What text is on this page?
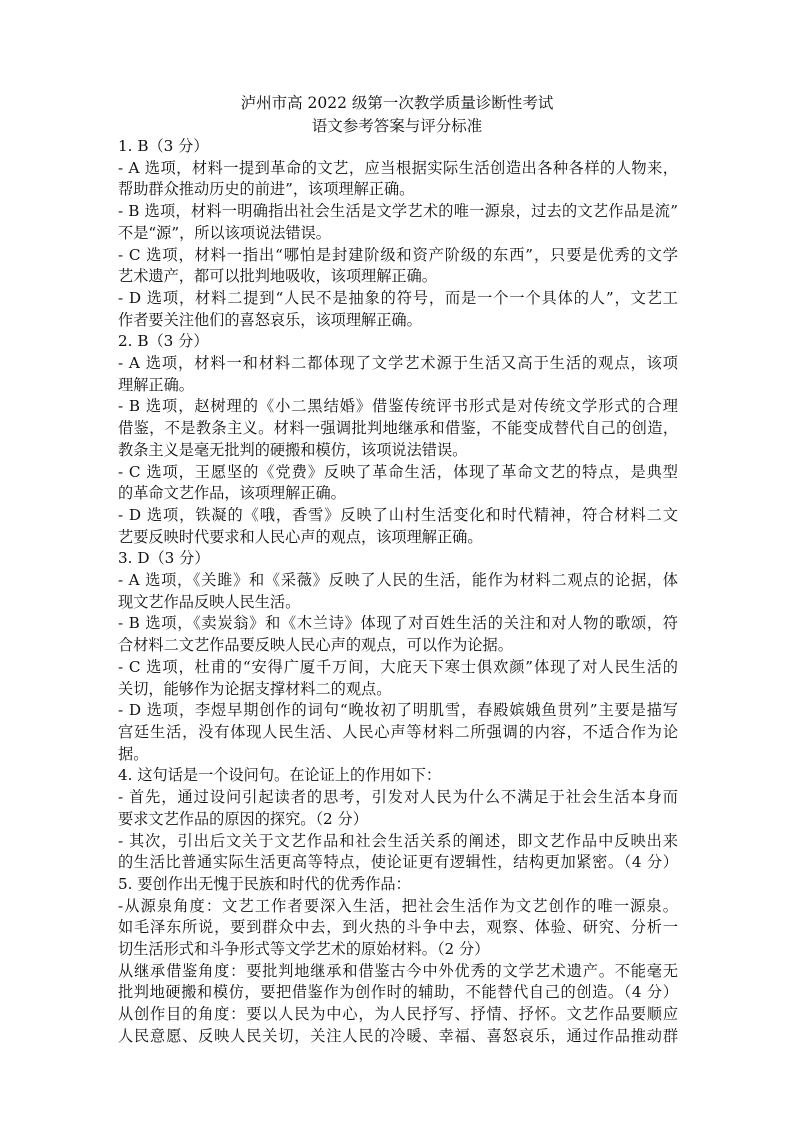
泸州市高 2022 级第一次教学质量诊断性考试
语文参考答案与评分标准
1. B（3 分）
- A 选项，材料一提到革命的文艺，应当根据实际生活创造出各种各样的人物来，
帮助群众推动历史的前进”，该项理解正确。
- B 选项，材料一明确指出社会生活是文学艺术的唯一源泉，过去的文艺作品是流”
不是“源”，所以该项说法错误。
- C 选项，材料一指出“哪怕是封建阶级和资产阶级的东西”，只要是优秀的文学
艺术遗产，都可以批判地吸收，该项理解正确。
- D 选项，材料二提到“人民不是抽象的符号，而是一个一个具体的人”，文艺工
作者要关注他们的喜怒哀乐，该项理解正确。
2. B（3 分）
- A 选项，材料一和材料二都体现了文学艺术源于生活又高于生活的观点，该项
理解正确。
- B 选项，赵树理的《小二黑结婚》借鉴传统评书形式是对传统文学形式的合理
借鉴，不是教条主义。材料一强调批判地继承和借鉴，不能变成替代自己的创造，
教条主义是毫无批判的硬搬和模仿，该项说法错误。
- C 选项，王愿坚的《党费》反映了革命生活，体现了革命文艺的特点，是典型
的革命文艺作品，该项理解正确。
- D 选项，铁凝的《哦，香雪》反映了山村生活变化和时代精神，符合材料二文
艺要反映时代要求和人民心声的观点，该项理解正确。
3. D（3 分）
- A 选项，《关雎》和《采薇》反映了人民的生活，能作为材料二观点的论据，体
现文艺作品反映人民生活。
- B 选项，《卖炭翁》和《木兰诗》体现了对百姓生活的关注和对人物的歌颂，符
合材料二文艺作品要反映人民心声的观点，可以作为论据。
- C 选项，杜甫的“安得广厦千万间，大庇天下寒士俱欢颜”体现了对人民生活的
关切，能够作为论据支撑材料二的观点。
- D 选项，李煜早期创作的词句“晚妆初了明肌雪，春殿嫔娥鱼贯列”主要是描写
宫廷生活，没有体现人民生活、人民心声等材料二所强调的内容，不适合作为论
据。
4. 这句话是一个设问句。在论证上的作用如下：
- 首先，通过设问引起读者的思考，引发对人民为什么不满足于社会生活本身而
要求文艺作品的原因的探究。（2 分）
- 其次，引出后文关于文艺作品和社会生活关系的阐述，即文艺作品中反映出来
的生活比普通实际生活更高等特点，使论证更有逻辑性，结构更加紧密。（4 分）
5. 要创作出无愧于民族和时代的优秀作品：
-从源泉角度：文艺工作者要深入生活，把社会生活作为文艺创作的唯一源泉。
如毛泽东所说，要到群众中去，到火热的斗争中去，观察、体验、研究、分析一
切生活形式和斗争形式等文学艺术的原始材料。（2 分）
从继承借鉴角度：要批判地继承和借鉴古今中外优秀的文学艺术遗产。不能毫无
批判地硬搬和模仿，要把借鉴作为创作时的辅助，不能替代自己的创造。（4 分）
从创作目的角度：要以人民为中心，为人民抒写、抒情、抒怀。文艺作品要顺应
人民意愿、反映人民关切，关注人民的冷暖、幸福、喜怒哀乐，通过作品推动群
